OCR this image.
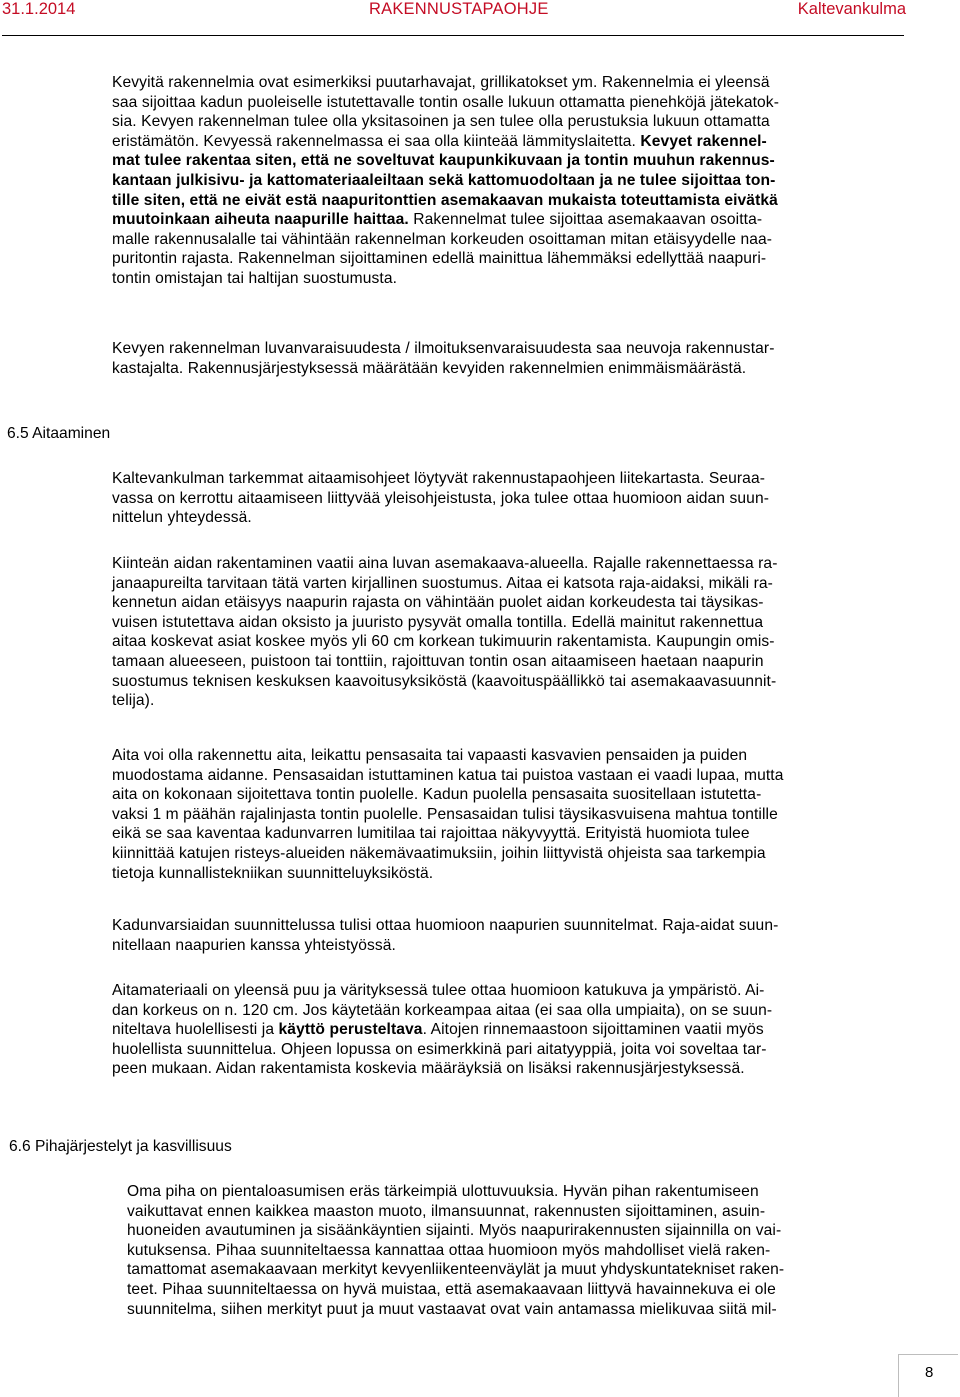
31.1.2014	RAKENNUSTAPAOHJE	Kaltevankulma

Kevyitä rakennelmia ovat esimerkiksi puutarhavajat, grillikatokset ym. Rakennelmia ei yleensä
saa sijoittaa kadun puoleiselle istutettavalle tontin osalle lukuun ottamatta pienehköjä jätekatok-
sia. Kevyen rakennelman tulee olla yksitasoinen ja sen tulee olla perustuksia lukuun ottamatta
eristämätön. Kevyessä rakennelmassa ei saa olla kiinteää lämmityslaitetta. Kevyet rakennel-
mat tulee rakentaa siten, että ne soveltuvat kaupunkikuvaan ja tontin muuhun rakennus-
kantaan julkisivu- ja kattomateriaaleiltaan sekä kattomuodoltaan ja ne tulee sijoittaa ton-
tille siten, että ne eivät estä naapuritonttien asemakaavan mukaista toteuttamista eivätkä
muutoinkaan aiheuta naapurille haittaa. Rakennelmat tulee sijoittaa asemakaavan osoitta-
malle rakennusalalle tai vähintään rakennelman korkeuden osoittaman mitan etäisyydelle naa-
puritontin rajasta. Rakennelman sijoittaminen edellä mainittua lähemmäksi edellyttää naapuri-
tontin omistajan tai haltijan suostumusta.

Kevyen rakennelman luvanvaraisuudesta / ilmoituksenvaraisuudesta saa neuvoja rakennustar-
kastajalta. Rakennusjärjestyksessä määrätään kevyiden rakennelmien enimmäismäärästä.

6.5 Aitaaminen

Kaltevankulman tarkemmat aitaamisohjeet löytyvät rakennustapaohjeen liitekartasta. Seuraa-
vassa on kerrottu aitaamiseen liittyvää yleisohjeistusta, joka tulee ottaa huomioon aidan suun-
nittelun yhteydessä.

Kiinteän aidan rakentaminen vaatii aina luvan asemakaava-alueella. Rajalle rakennettaessa ra-
janaapureilta tarvitaan tätä varten kirjallinen suostumus. Aitaa ei katsota raja-aidaksi, mikäli ra-
kennetun aidan etäisyys naapurin rajasta on vähintään puolet aidan korkeudesta tai täysikas-
vuisen istutettava aidan oksisto ja juuristo pysyvät omalla tontilla. Edellä mainitut rakennettua
aitaa koskevat asiat koskee myös yli 60 cm korkean tukimuurin rakentamista. Kaupungin omis-
tamaan alueeseen, puistoon tai tonttiin, rajoittuvan tontin osan aitaamiseen haetaan naapurin
suostumus teknisen keskuksen kaavoitusyksiköstä (kaavoituspäällikkö tai asemakaavasuunnit-
telija).

Aita voi olla rakennettu aita, leikattu pensasaita tai vapaasti kasvavien pensaiden ja puiden
muodostama aidanne. Pensasaidan istuttaminen katua tai puistoa vastaan ei vaadi lupaa, mutta
aita on kokonaan sijoitettava tontin puolelle. Kadun puolella pensasaita suositellaan istutetta-
vaksi 1 m päähän rajalinjasta tontin puolelle. Pensasaidan tulisi täysikasvuisena mahtua tontille
eikä se saa kaventaa kadunvarren lumitilaa tai rajoittaa näkyvyyttä. Erityistä huomiota tulee
kiinnittää katujen risteys-alueiden näkemävaatimuksiin, joihin liittyvistä ohjeista saa tarkempia
tietoja kunnallistekniikan suunnitteluyksiköstä.

Kadunvarsiaidan suunnittelussa tulisi ottaa huomioon naapurien suunnitelmat. Raja-aidat suun-
nitellaan naapurien kanssa yhteistyössä.

Aitamateriaali on yleensä puu ja värityksessä tulee ottaa huomioon katukuva ja ympäristö. Ai-
dan korkeus on n. 120 cm. Jos käytetään korkeampaa aitaa (ei saa olla umpiaita), on se suun-
niteltava huolellisesti ja käyttö perusteltava. Aitojen rinnemaastoon sijoittaminen vaatii myös
huolellista suunnittelua. Ohjeen lopussa on esimerkkinä pari aitatyyppiä, joita voi soveltaa tar-
peen mukaan. Aidan rakentamista koskevia määräyksiä on lisäksi rakennusjärjestyksessä.

6.6 Pihajärjestelyt ja kasvillisuus

Oma piha on pientaloasumisen eräs tärkeimpiä ulottuvuuksia. Hyvän pihan rakentumiseen
vaikuttavat ennen kaikkea maaston muoto, ilmansuunnat, rakennusten sijoittaminen, asuin-
huoneiden avautuminen ja sisäänkäyntien sijainti. Myös naapurirakennusten sijainnilla on vai-
kutuksensa. Pihaa suunniteltaessa kannattaa ottaa huomioon myös mahdolliset vielä raken-
tamattomat asemakaavaan merkityt kevyenliikenteenväylät ja muut yhdyskuntatekniset raken-
teet. Pihaa suunniteltaessa on hyvä muistaa, että asemakaavaan liittyvä havainnekuva ei ole
suunnitelma, siihen merkityt puut ja muut vastaavat ovat vain antamassa mielikuvaa siitä mil-

8
